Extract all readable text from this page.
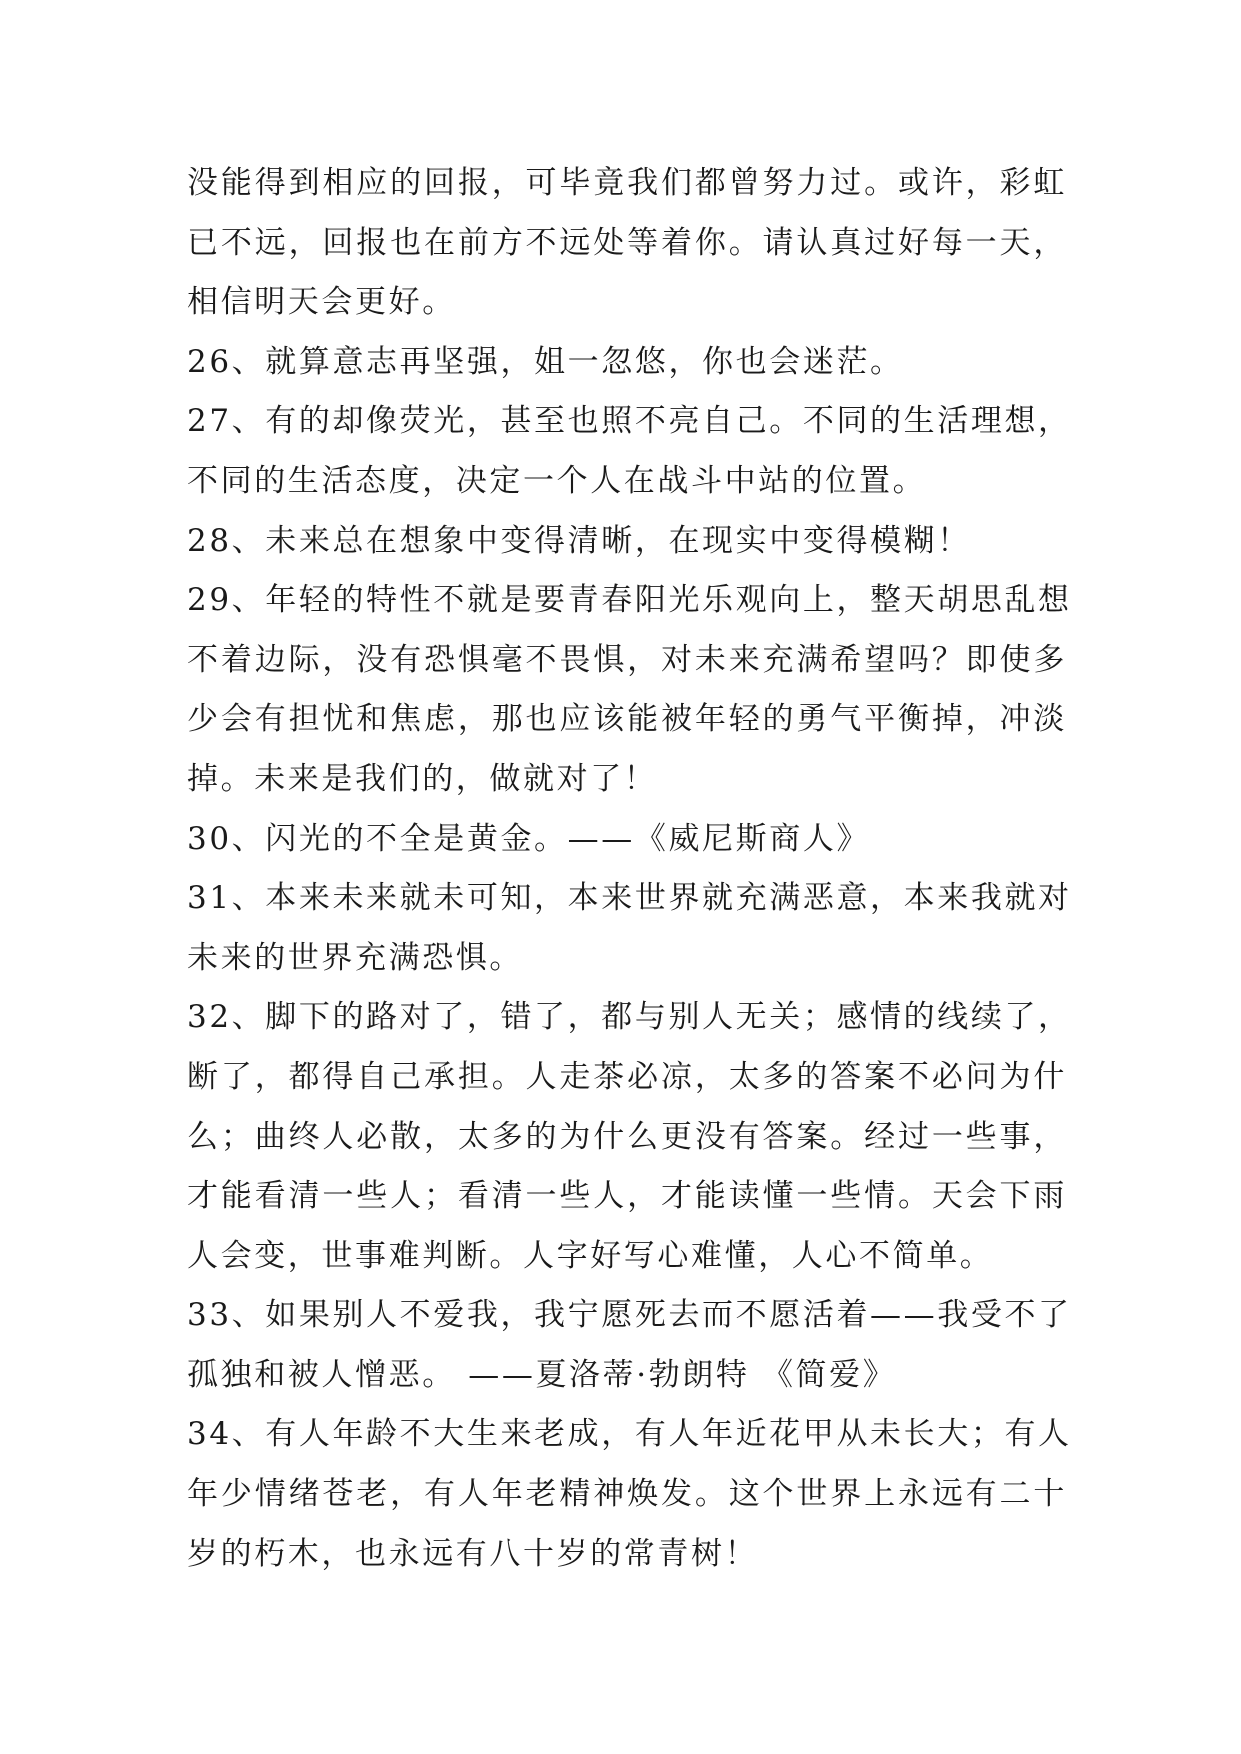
没能得到相应的回报，可毕竟我们都曾努力过。或许，彩虹
已不远，回报也在前方不远处等着你。请认真过好每一天，
相信明天会更好。
26、就算意志再坚强，姐一忽悠，你也会迷茫。
27、有的却像荧光，甚至也照不亮自己。不同的生活理想，
不同的生活态度，决定一个人在战斗中站的位置。
28、未来总在想象中变得清晰，在现实中变得模糊！
29、年轻的特性不就是要青春阳光乐观向上，整天胡思乱想
不着边际，没有恐惧毫不畏惧，对未来充满希望吗？即使多
少会有担忧和焦虑，那也应该能被年轻的勇气平衡掉，冲淡
掉。未来是我们的，做就对了！
30、闪光的不全是黄金。——《威尼斯商人》
31、本来未来就未可知，本来世界就充满恶意，本来我就对
未来的世界充满恐惧。
32、脚下的路对了，错了，都与别人无关；感情的线续了，
断了，都得自己承担。人走茶必凉，太多的答案不必问为什
么；曲终人必散，太多的为什么更没有答案。经过一些事，
才能看清一些人；看清一些人，才能读懂一些情。天会下雨
人会变，世事难判断。人字好写心难懂，人心不简单。
33、如果别人不爱我，我宁愿死去而不愿活着——我受不了
孤独和被人憎恶。 ——夏洛蒂·勃朗特 《简爱》
34、有人年龄不大生来老成，有人年近花甲从未长大；有人
年少情绪苍老，有人年老精神焕发。这个世界上永远有二十
岁的朽木，也永远有八十岁的常青树！
